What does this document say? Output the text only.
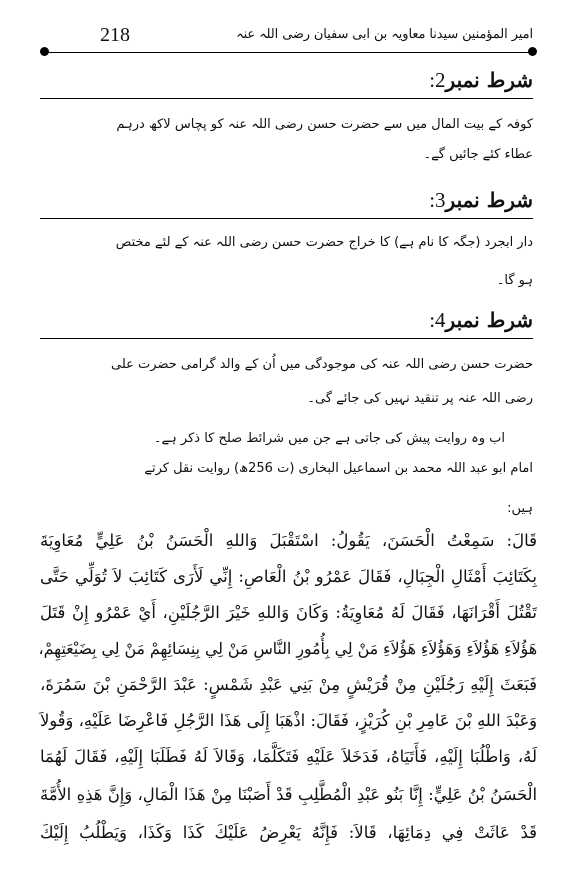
امیر المؤمنین سیدنا معاویہ بن ابی سفیان رضی اللہ عنہ
218
شرط نمبر2:
کوفہ کے بیت المال میں سے حضرت حسن رضی اللہ عنہ کو پچاس لاکھ درہم
عطاء کئے جائیں گے۔
شرط نمبر3:
دار ابجرد (جگہ کا نام ہے) کا خراج حضرت حسن رضی اللہ عنہ کے لئے مختص
ہو گا۔
شرط نمبر4:
حضرت حسن رضی اللہ عنہ کی موجودگی میں اُن کے والد گرامی حضرت علی
رضی اللہ عنہ پر تنقید نہیں کی جائے گی۔
اب وہ روایت پیش کی جاتی ہے جن میں شرائط صلح کا ذکر ہے۔
امام ابو عبد اللہ محمد بن اسماعیل البخاری (ت 256ھ) روایت نقل کرتے
ہیں:
قَالَ: سَمِعْتُ الْحَسَنَ، يَقُولُ: اسْتَقْبَلَ وَاللهِ الْحَسَنُ بْنُ عَلِيٍّ مُعَاوِيَةَ
بِكَتَائِبَ أَمْثَالِ الْجِبَالِ، فَقَالَ عَمْرُو بْنُ الْعَاصِ: إِنِّي لَأَرَى كَتَائِبَ لاَ تُوَلِّي حَتَّى
تَقْتُلَ أَقْرَانَهَا، فَقَالَ لَهُ مُعَاوِيَةُ: وَكَانَ وَاللهِ خَيْرَ الرَّجُلَيْنِ، أَيْ عَمْرُو إِنْ قَتَلَ
هَؤُلاَءِ هَؤُلاَءِ وَهَؤُلاَءِ هَؤُلاَءِ مَنْ لِي بِأُمُورِ النَّاسِ مَنْ لِي بِنِسَائِهِمْ مَنْ لِي بِضَيْعَتِهِمْ،
فَبَعَثَ إِلَيْهِ رَجُلَيْنِ مِنْ قُرَيْشٍ مِنْ بَنِي عَبْدِ شَمْسٍ: عَبْدَ الرَّحْمَنِ بْنَ سَمُرَةَ،
وَعَبْدَ اللهِ بْنَ عَامِرِ بْنِ كُرَيْزٍ، فَقَالَ: اذْهَبَا إِلَى هَذَا الرَّجُلِ فَاعْرِضَا عَلَيْهِ، وَقُولاَ
لَهُ، وَاطْلُبَا إِلَيْهِ، فَأَتَيَاهُ، فَدَخَلاَ عَلَيْهِ فَتَكَلَّمَا، وَقَالاَ لَهُ فَطَلَبَا إِلَيْهِ، فَقَالَ لَهُمَا
الْحَسَنُ بْنُ عَلِيٍّ: إِنَّا بَنُو عَبْدِ الْمُطَّلِبِ قَدْ أَصَبْنَا مِنْ هَذَا الْمَالِ، وَإِنَّ هَذِهِ الأُمَّةَ
قَدْ عَاثَتْ فِي دِمَائِهَا، قَالاَ: فَإِنَّهُ يَعْرِضُ عَلَيْكَ كَذَا وَكَذَا، وَيَطْلُبُ إِلَيْكَ
